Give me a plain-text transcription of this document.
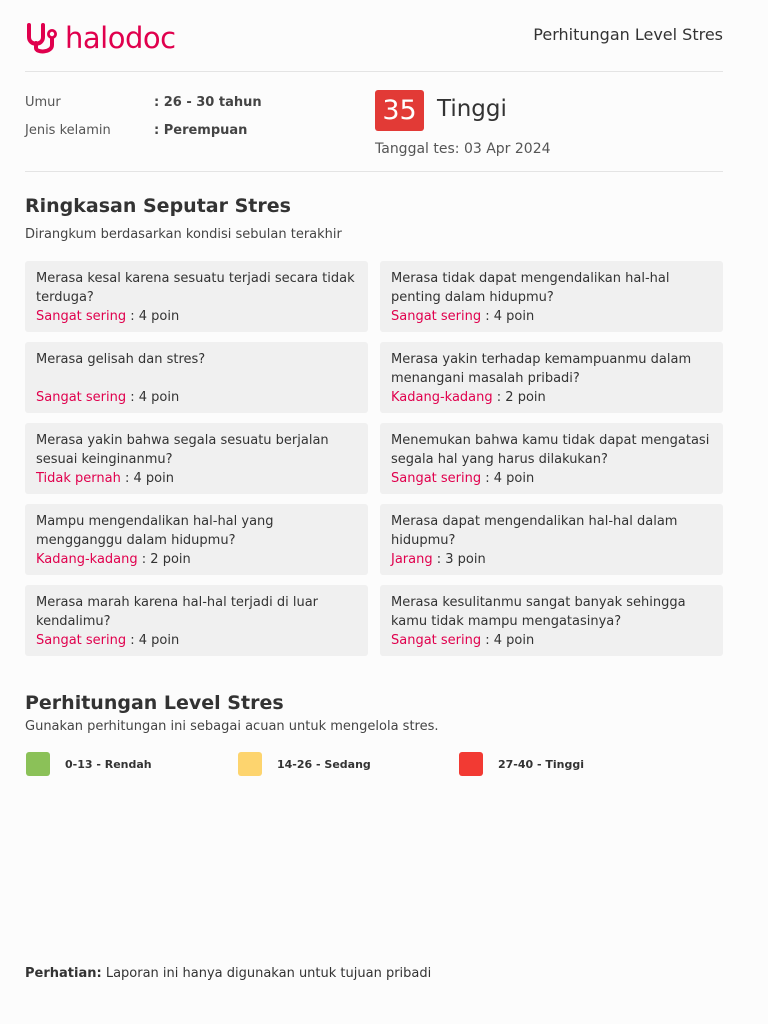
halodoc	Perhitungan Level Stres
Umur	: 26 - 30 tahun
Jenis kelamin	: Perempuan
35 Tinggi
Tanggal tes: 03 Apr 2024
Ringkasan Seputar Stres
Dirangkum berdasarkan kondisi sebulan terakhir
Merasa kesal karena sesuatu terjadi secara tidak terduga?
Sangat sering : 4 poin
Merasa tidak dapat mengendalikan hal-hal penting dalam hidupmu?
Sangat sering : 4 poin
Merasa gelisah dan stres?
Sangat sering : 4 poin
Merasa yakin terhadap kemampuanmu dalam menangani masalah pribadi?
Kadang-kadang : 2 poin
Merasa yakin bahwa segala sesuatu berjalan sesuai keinginanmu?
Tidak pernah : 4 poin
Menemukan bahwa kamu tidak dapat mengatasi segala hal yang harus dilakukan?
Sangat sering : 4 poin
Mampu mengendalikan hal-hal yang mengganggu dalam hidupmu?
Kadang-kadang : 2 poin
Merasa dapat mengendalikan hal-hal dalam hidupmu?
Jarang : 3 poin
Merasa marah karena hal-hal terjadi di luar kendalimu?
Sangat sering : 4 poin
Merasa kesulitanmu sangat banyak sehingga kamu tidak mampu mengatasinya?
Sangat sering : 4 poin
Perhitungan Level Stres
Gunakan perhitungan ini sebagai acuan untuk mengelola stres.
0-13 - Rendah	14-26 - Sedang	27-40 - Tinggi
Perhatian: Laporan ini hanya digunakan untuk tujuan pribadi
